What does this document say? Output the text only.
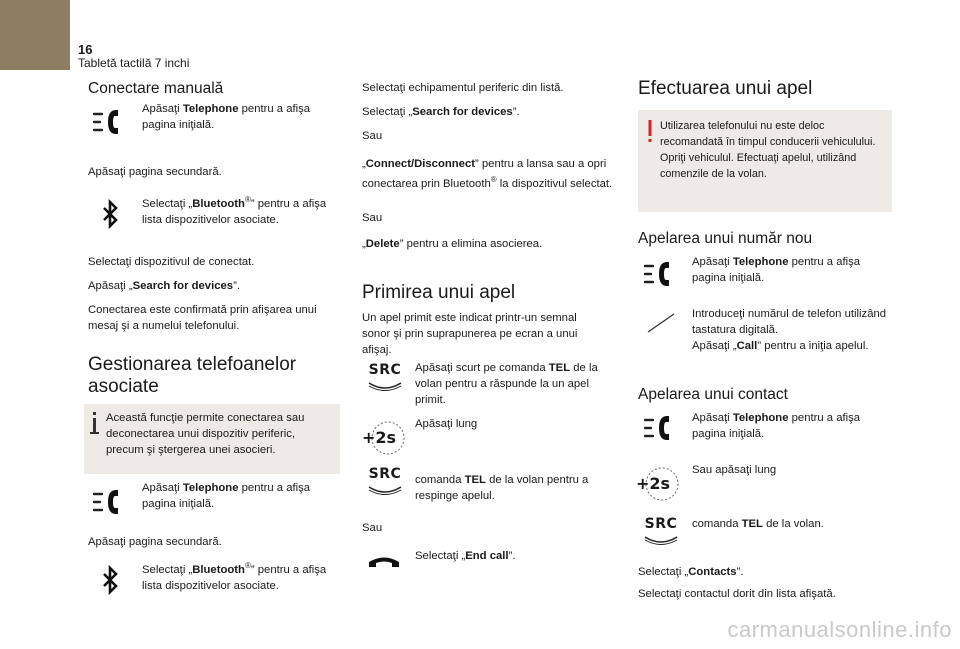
16
Tabletă tactilă 7 inchi
Conectare manuală
Apăsaţi Telephone pentru a afişa pagina iniţială.
Apăsaţi pagina secundară.
Selectaţi „Bluetooth®” pentru a afişa lista dispozitivelor asociate.
Selectaţi dispozitivul de conectat.
Apăsaţi „Search for devices”.
Conectarea este confirmată prin afişarea unui mesaj şi a numelui telefonului.
Gestionarea telefoanelor asociate
Această funcţie permite conectarea sau deconectarea unui dispozitiv periferic, precum şi ştergerea unei asocieri.
Apăsaţi Telephone pentru a afişa pagina iniţială.
Apăsaţi pagina secundară.
Selectaţi „Bluetooth®” pentru a afişa lista dispozitivelor asociate.
Selectaţi echipamentul periferic din listă.
Selectaţi „Search for devices”.
Sau
„Connect/Disconnect” pentru a lansa sau a opri conectarea prin Bluetooth® la dispozitivul selectat.
Sau
„Delete” pentru a elimina asocierea.
Primirea unui apel
Un apel primit este indicat printr-un semnal sonor şi prin suprapunerea pe ecran a unui afişaj.
SRC Apăsaţi scurt pe comanda TEL de la volan pentru a răspunde la un apel primit.
+2s
Apăsaţi lung
SRC comanda TEL de la volan pentru a respinge apelul.
Sau
Selectaţi „End call”.
Efectuarea unui apel
Utilizarea telefonului nu este deloc recomandată în timpul conducerii vehiculului. Opriţi vehiculul. Efectuaţi apelul, utilizând comenzile de la volan.
Apelarea unui număr nou
Apăsaţi Telephone pentru a afişa pagina iniţială.
Introduceţi numărul de telefon utilizând tastatura digitală.
Apăsaţi „Call” pentru a iniţia apelul.
Apelarea unui contact
Apăsaţi Telephone pentru a afişa pagina iniţială.
+2s
Sau apăsaţi lung
SRC comanda TEL de la volan.
Selectaţi „Contacts”.
Selectaţi contactul dorit din lista afişată.
carmanualsonline.info
